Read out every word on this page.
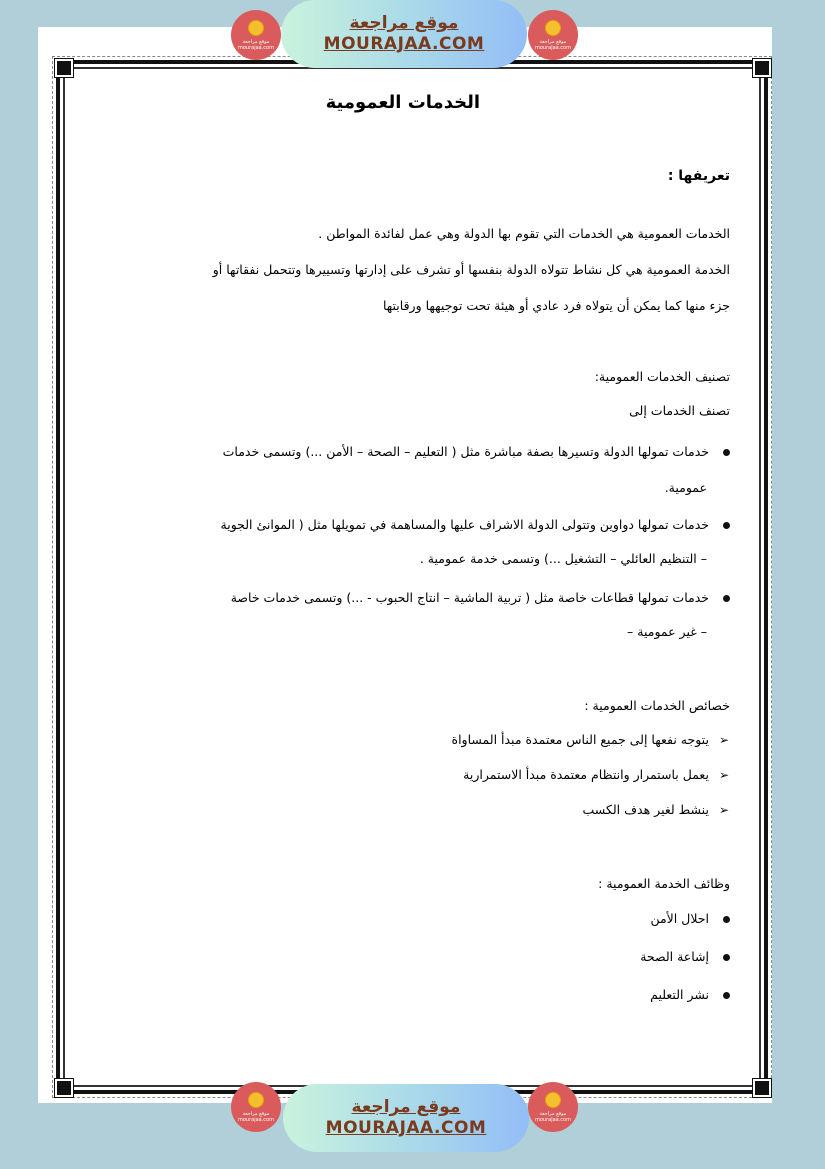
موقع مراجعة mourajaa.com
موقع مراجعة
MOURAJAA.COM	موقع مراجعة mourajaa.com
الخدمات العمومية
تعريفها :
الخدمات العمومية هي الخدمات التي تقوم بها الدولة وهي عمل لفائدة المواطن .
الخدمة العمومية هي كل نشاط تتولاه الدولة بنفسها أو تشرف على إدارتها وتسييرها وتتحمل نفقاتها أو
جزء منها كما يمكن أن يتولاه فرد عادي أو هيئة تحت توجيهها ورقابتها
تصنيف الخدمات العمومية:
تصنف الخدمات إلى
خدمات تمولها الدولة وتسيرها بصفة مباشرة مثل ( التعليم – الصحة – الأمن ...) وتسمى خدمات
عمومية.
خدمات تمولها دواوين وتتولى الدولة الاشراف عليها والمساهمة في تمويلها مثل ( الموانئ الجوية
– التنظيم العائلي – التشغيل ...) وتسمى خدمة عمومية .
خدمات تمولها قطاعات خاصة مثل ( تربية الماشية – انتاج الحبوب - ...) وتسمى خدمات خاصة
– غير عمومية –
خصائص الخدمات العمومية :
➢يتوجه نفعها إلى جميع الناس معتمدة مبدأ المساواة
➢يعمل باستمرار وانتظام معتمدة مبدأ الاستمرارية
➢ينشط لغير هدف الكسب
وظائف الخدمة العمومية :
احلال الأمن
إشاعة الصحة
نشر التعليم
موقع مراجعة mourajaa.com
موقع مراجعة
MOURAJAA.COM
موقع مراجعة mourajaa.com
